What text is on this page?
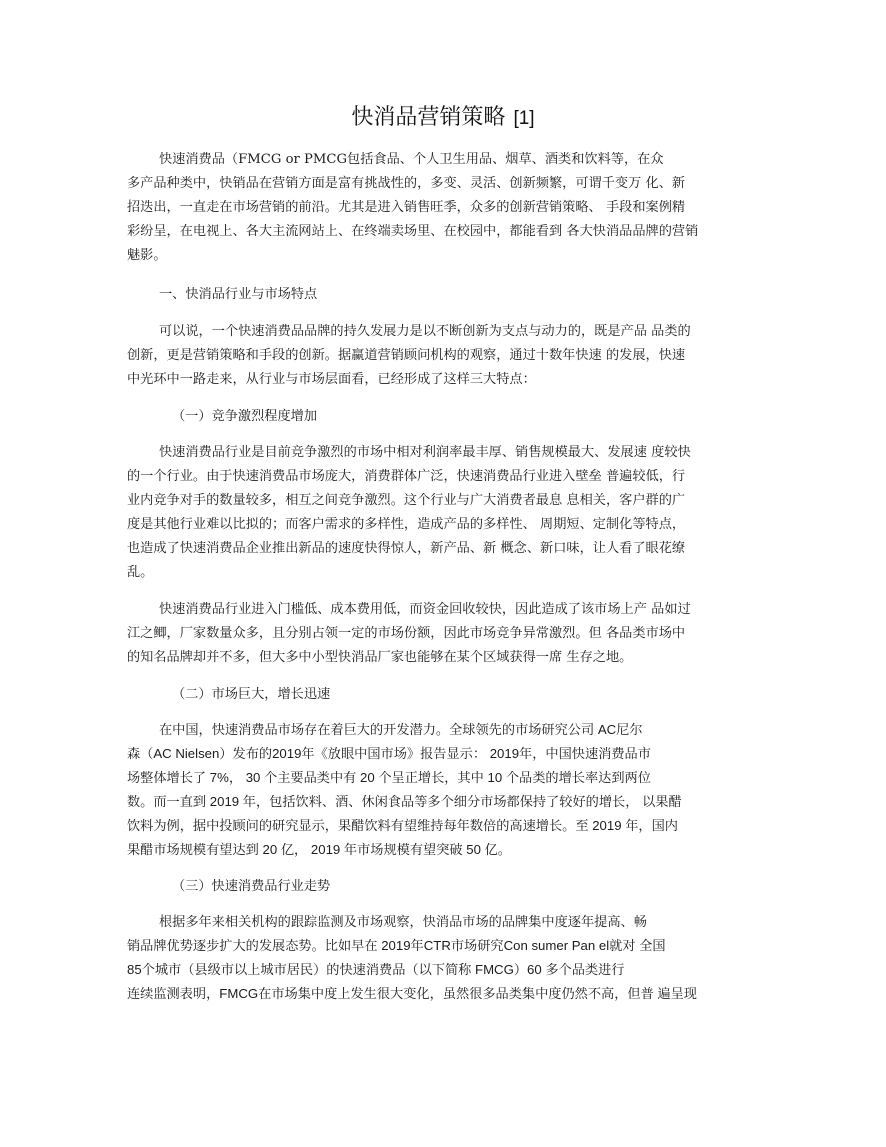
快消品营销策略 [1]
快速消费品（FMCG or PMCG包括食品、个人卫生用品、烟草、酒类和饮料等，在众
多产品种类中，快销品在营销方面是富有挑战性的，多变、灵活、创新频繁，可谓千变万 化、新
招迭出，一直走在市场营销的前沿。尤其是进入销售旺季，众多的创新营销策略、 手段和案例精
彩纷呈，在电视上、各大主流网站上、在终端卖场里、在校园中，都能看到 各大快消品品牌的营销
魅影。
一、快消品行业与市场特点
可以说，一个快速消费品品牌的持久发展力是以不断创新为支点与动力的，既是产品 品类的
创新，更是营销策略和手段的创新。据赢道营销顾问机构的观察，通过十数年快速 的发展，快速
中光环中一路走来，从行业与市场层面看，已经形成了这样三大特点：
（一）竞争激烈程度增加
快速消费品行业是目前竞争激烈的市场中相对利润率最丰厚、销售规模最大、发展速 度较快
的一个行业。由于快速消费品市场庞大，消费群体广泛，快速消费品行业进入壁垒 普遍较低，行
业内竞争对手的数量较多，相互之间竞争激烈。这个行业与广大消费者最息 息相关，客户群的广
度是其他行业难以比拟的；而客户需求的多样性，造成产品的多样性、 周期短、定制化等特点，
也造成了快速消费品企业推出新品的速度快得惊人，新产品、新 概念、新口味，让人看了眼花缭
乱。
快速消费品行业进入门槛低、成本费用低，而资金回收较快，因此造成了该市场上产 品如过
江之鲫，厂家数量众多，且分别占领一定的市场份额，因此市场竞争异常激烈。但 各品类市场中
的知名品牌却并不多，但大多中小型快消品厂家也能够在某个区域获得一席 生存之地。
（二）市场巨大，增长迅速
在中国，快速消费品市场存在着巨大的开发潜力。全球领先的市场研究公司 AC尼尔
森（AC Nielsen）发布的2019年《放眼中国市场》报告显示： 2019年，中国快速消费品市
场整体增长了 7%， 30 个主要品类中有 20 个呈正增长，其中 10 个品类的增长率达到两位
数。而一直到 2019 年，包括饮料、酒、休闲食品等多个细分市场都保持了较好的增长， 以果醋
饮料为例，据中投顾问的研究显示，果醋饮料有望维持每年数倍的高速增长。至 2019 年，国内
果醋市场规模有望达到 20 亿， 2019 年市场规模有望突破 50 亿。
（三）快速消费品行业走势
根据多年来相关机构的跟踪监测及市场观察，快消品市场的品牌集中度逐年提高、畅
销品牌优势逐步扩大的发展态势。比如早在 2019年CTR市场研究Con sumer Pan el就对 全国
85个城市（县级市以上城市居民）的快速消费品（以下简称 FMCG）60 多个品类进行
连续监测表明，FMCG在市场集中度上发生很大变化，虽然很多品类集中度仍然不高，但普 遍呈现
